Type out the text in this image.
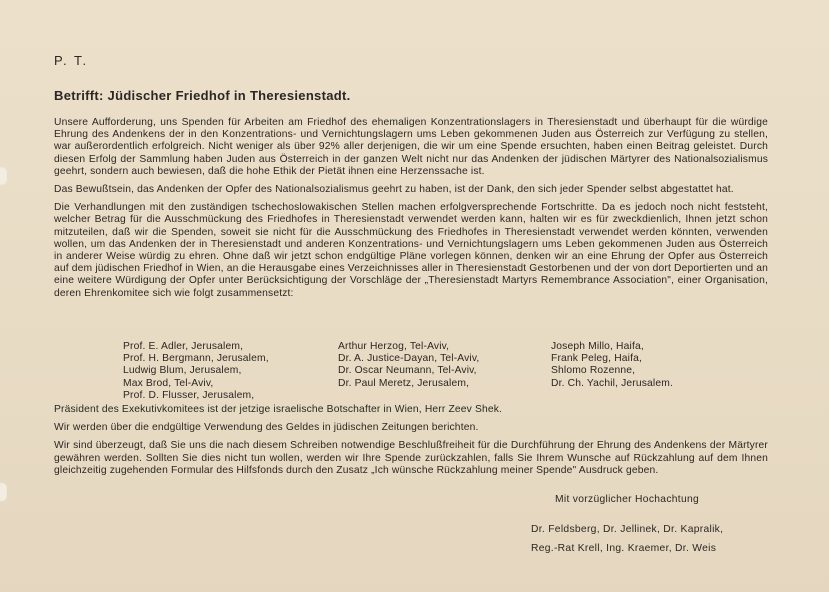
P. T.
Betrifft: Jüdischer Friedhof in Theresienstadt.

Unsere Aufforderung, uns Spenden für Arbeiten am Friedhof des ehemaligen Konzentrationslagers in Theresienstadt und überhaupt für die würdige Ehrung des Andenkens der in den Konzentrations- und Vernichtungslagern ums Leben gekommenen Juden aus Österreich zur Verfügung zu stellen, war außerordentlich erfolgreich. Nicht weniger als über 92% aller derjenigen, die wir um eine Spende ersuchten, haben einen Beitrag geleistet. Durch diesen Erfolg der Sammlung haben Juden aus Österreich in der ganzen Welt nicht nur das Andenken der jüdischen Märtyrer des Nationalsozialismus geehrt, sondern auch bewiesen, daß die hohe Ethik der Pietät ihnen eine Herzenssache ist.

Das Bewußtsein, das Andenken der Opfer des Nationalsozialismus geehrt zu haben, ist der Dank, den sich jeder Spender selbst abgestattet hat.

Die Verhandlungen mit den zuständigen tschechoslowakischen Stellen machen erfolgversprechende Fortschritte. Da es jedoch noch nicht feststeht, welcher Betrag für die Ausschmückung des Friedhofes in Theresienstadt verwendet werden kann, halten wir es für zweckdienlich, Ihnen jetzt schon mitzuteilen, daß wir die Spenden, soweit sie nicht für die Ausschmückung des Friedhofes in Theresienstadt verwendet werden könnten, verwenden wollen, um das Andenken der in Theresienstadt und anderen Konzentrations- und Vernichtungslagern ums Leben gekommenen Juden aus Österreich in anderer Weise würdig zu ehren. Ohne daß wir jetzt schon endgültige Pläne vorlegen können, denken wir an eine Ehrung der Opfer aus Österreich auf dem jüdischen Friedhof in Wien, an die Herausgabe eines Verzeichnisses aller in Theresienstadt Gestorbenen und der von dort Deportierten und an eine weitere Würdigung der Opfer unter Berücksichtigung der Vorschläge der „Theresienstadt Martyrs Remembrance Association", einer Organisation, deren Ehrenkomitee sich wie folgt zusammensetzt:

Prof. E. Adler, Jerusalem,
Prof. H. Bergmann, Jerusalem,
Ludwig Blum, Jerusalem,
Max Brod, Tel-Aviv,
Prof. D. Flusser, Jerusalem,
Arthur Herzog, Tel-Aviv,
Dr. A. Justice-Dayan, Tel-Aviv,
Dr. Oscar Neumann, Tel-Aviv,
Dr. Paul Meretz, Jerusalem,
Joseph Millo, Haifa,
Frank Peleg, Haifa,
Shlomo Rozenne,
Dr. Ch. Yachil, Jerusalem.

Präsident des Exekutivkomitees ist der jetzige israelische Botschafter in Wien, Herr Zeev Shek.

Wir werden über die endgültige Verwendung des Geldes in jüdischen Zeitungen berichten.

Wir sind überzeugt, daß Sie uns die nach diesem Schreiben notwendige Beschlußfreiheit für die Durchführung der Ehrung des Andenkens der Märtyrer gewähren werden. Sollten Sie dies nicht tun wollen, werden wir Ihre Spende zurückzahlen, falls Sie Ihrem Wunsche auf Rückzahlung auf dem Ihnen gleichzeitig zugehenden Formular des Hilfsfonds durch den Zusatz „Ich wünsche Rückzahlung meiner Spende" Ausdruck geben.

Mit vorzüglicher Hochachtung
Dr. Feldsberg, Dr. Jellinek, Dr. Kapralik,
Reg.-Rat Krell, Ing. Kraemer, Dr. Weis
